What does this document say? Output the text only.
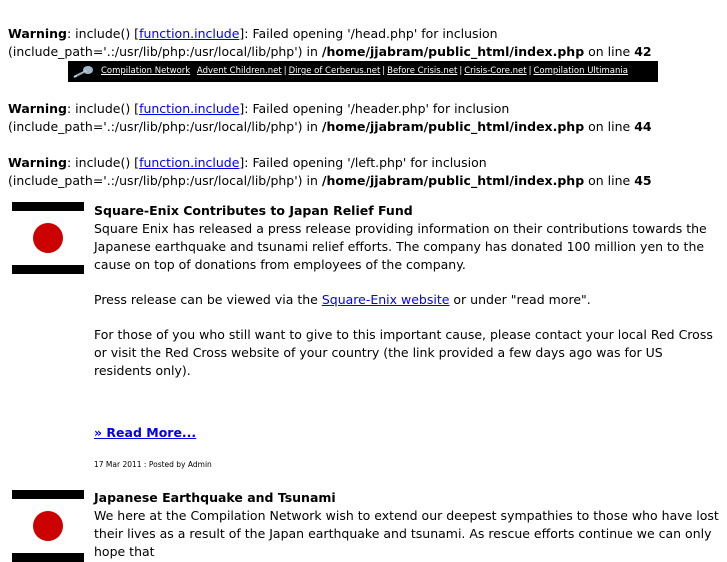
Warning: include() [function.include]: Failed opening '/head.php' for inclusion (include_path='.:/usr/lib/php:/usr/local/lib/php') in /home/jjabram/public_html/index.php on line 42
Compilation Network Advent Children.net | Dirge of Cerberus.net | Before Crisis.net | Crisis-Core.net | Compilation Ultimania
Warning: include() [function.include]: Failed opening '/header.php' for inclusion (include_path='.:/usr/lib/php:/usr/local/lib/php') in /home/jjabram/public_html/index.php on line 44
Warning: include() [function.include]: Failed opening '/left.php' for inclusion (include_path='.:/usr/lib/php:/usr/local/lib/php') in /home/jjabram/public_html/index.php on line 45
Square-Enix Contributes to Japan Relief Fund

Square Enix has released a press release providing information on their contributions towards the Japanese earthquake and tsunami relief efforts. The company has donated 100 million yen to the cause on top of donations from employees of the company.

Press release can be viewed via the Square-Enix website or under "read more".

For those of you who still want to give to this important cause, please contact your local Red Cross or visit the Red Cross website of your country (the link provided a few days ago was for US residents only).

» Read More...
17 Mar 2011 : Posted by Admin
Japanese Earthquake and Tsunami

We here at the Compilation Network wish to extend our deepest sympathies to those who have lost their lives as a result of the Japan earthquake and tsunami. As rescue efforts continue we can only hope that
